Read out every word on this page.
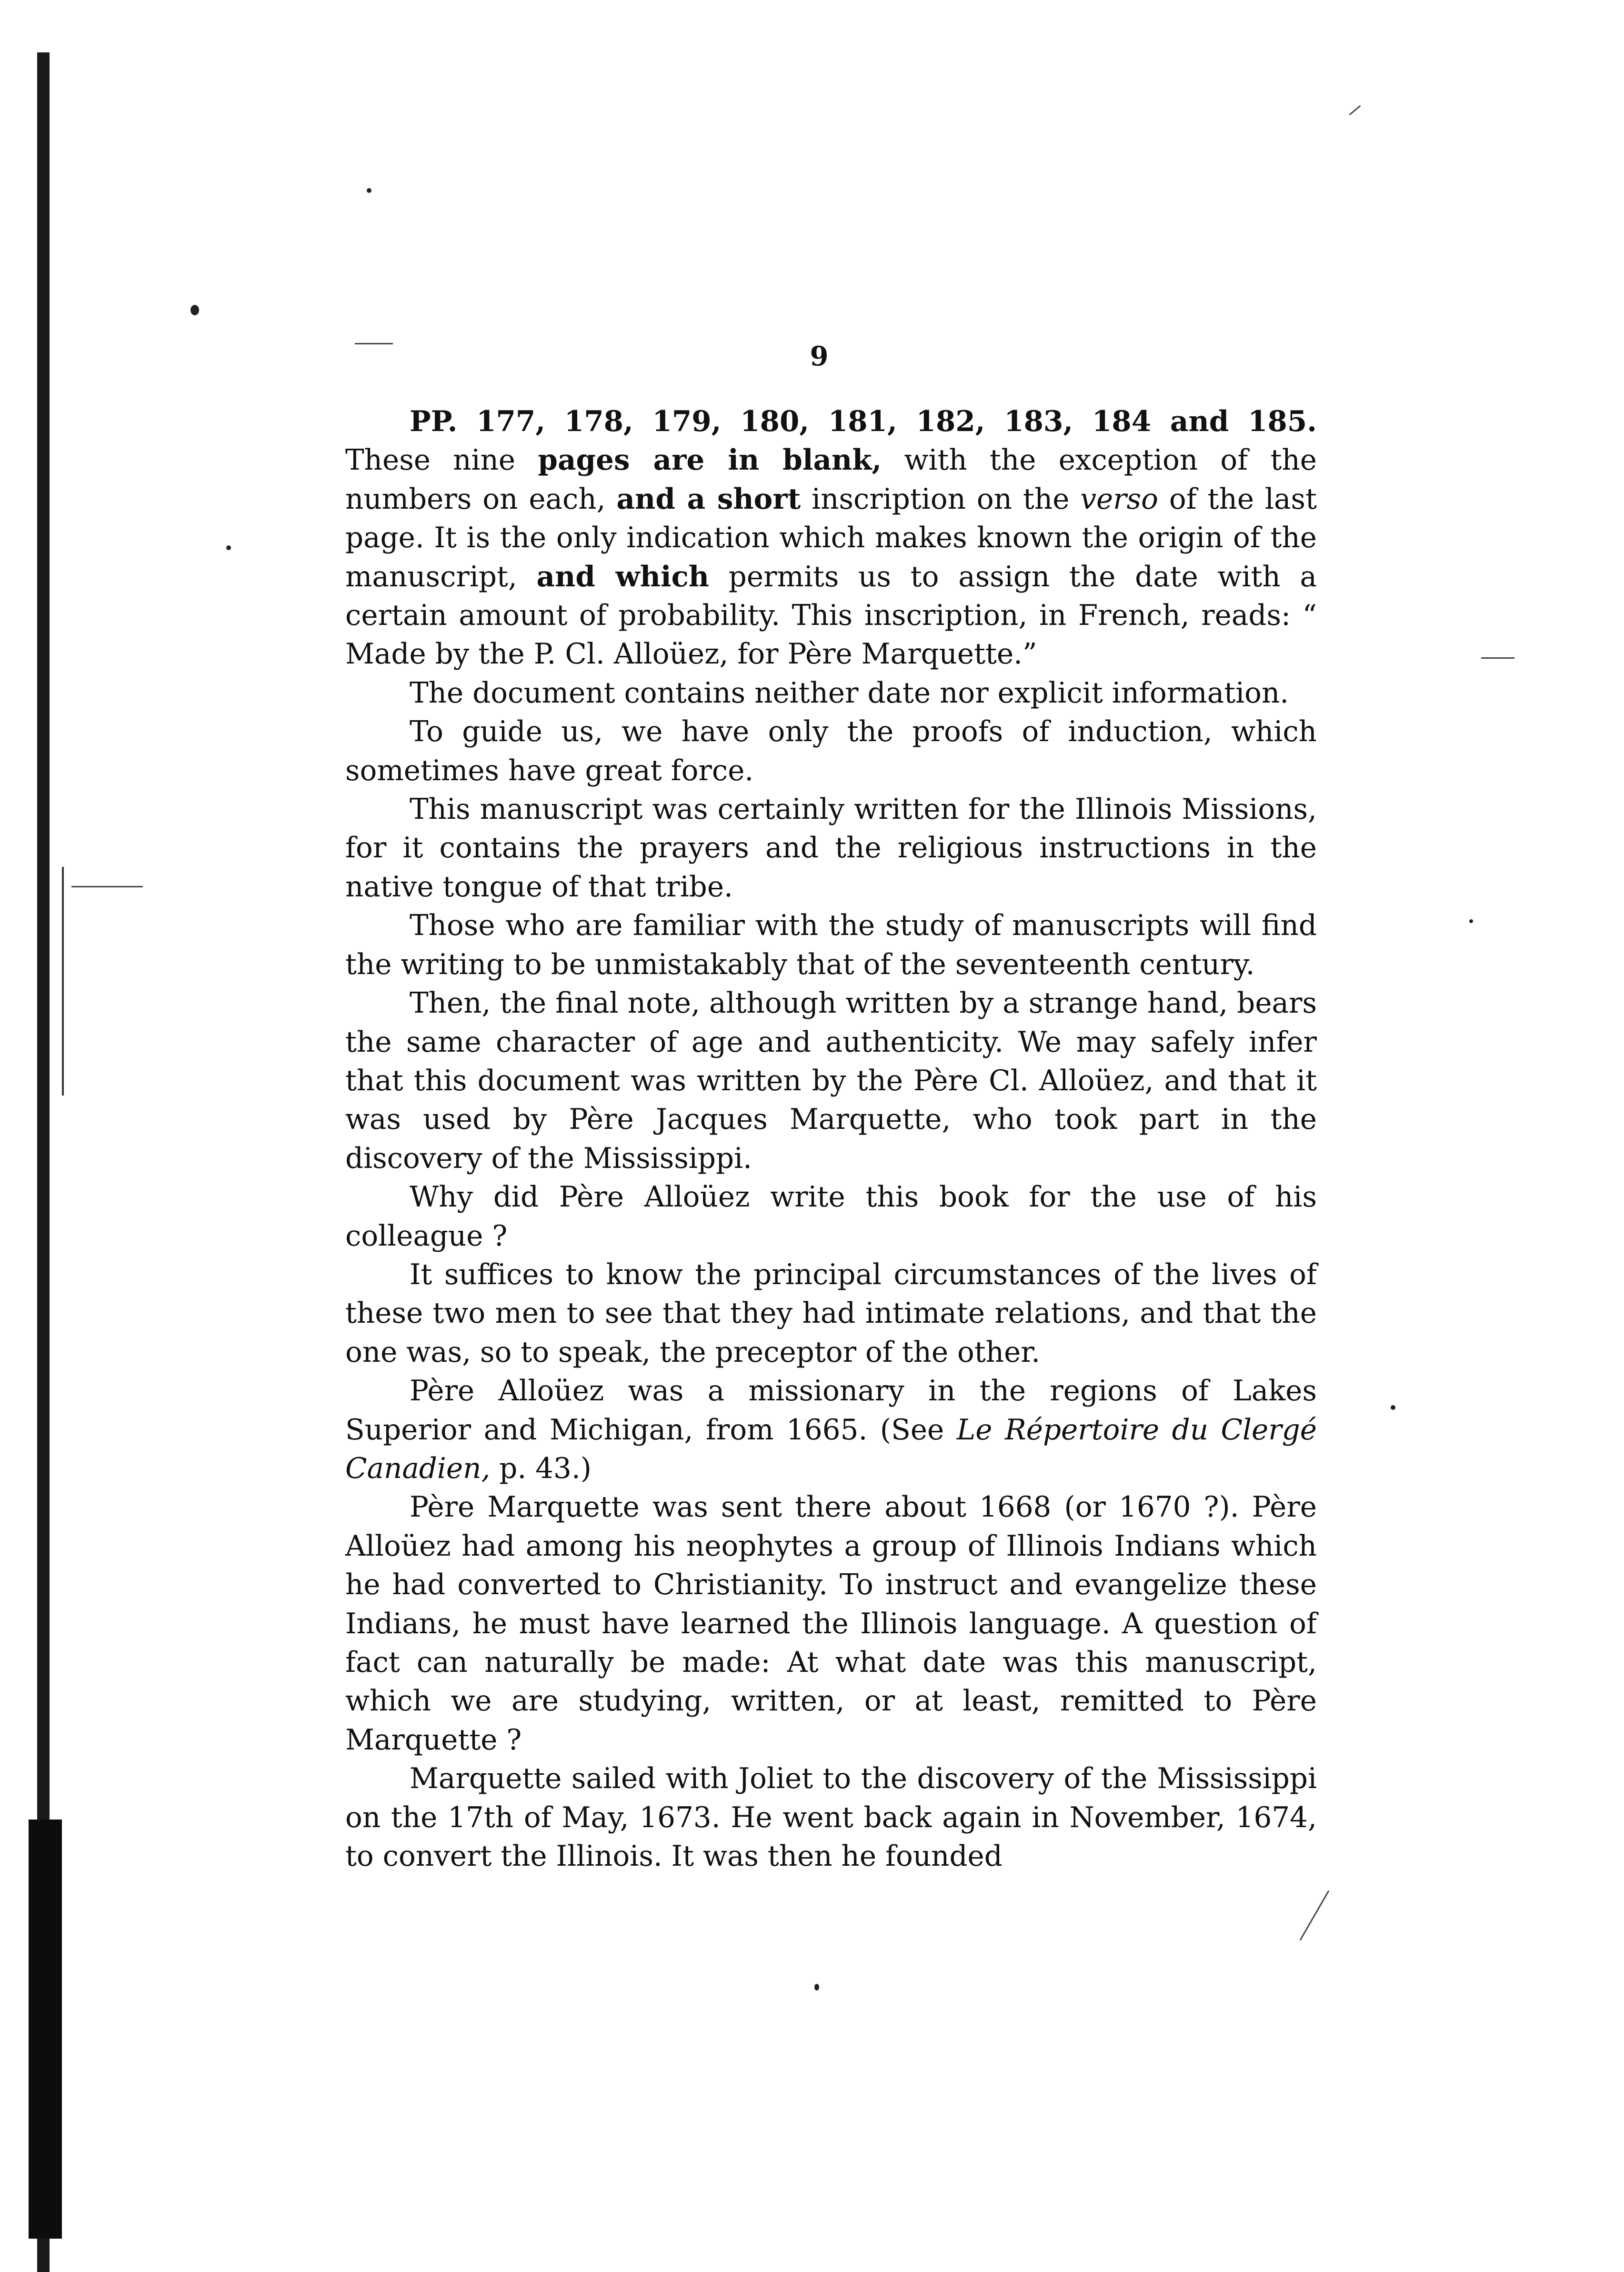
9

PP. 177, 178, 179, 180, 181, 182, 183, 184 and 185. These nine pages are in blank, with the exception of the numbers on each, and a short inscription on the verso of the last page. It is the only indication which makes known the origin of the manuscript, and which permits us to assign the date with a certain amount of probability. This inscription, in French, reads: “ Made by the P. Cl. Alloüez, for Père Marquette.”

The document contains neither date nor explicit information.

To guide us, we have only the proofs of induction, which sometimes have great force.

This manuscript was certainly written for the Illinois Missions, for it contains the prayers and the religious instructions in the native tongue of that tribe.

Those who are familiar with the study of manuscripts will find the writing to be unmistakably that of the seventeenth century.

Then, the final note, although written by a strange hand, bears the same character of age and authenticity. We may safely infer that this document was written by the Père Cl. Alloüez, and that it was used by Père Jacques Marquette, who took part in the discovery of the Mississippi.

Why did Père Alloüez write this book for the use of his colleague ?

It suffices to know the principal circumstances of the lives of these two men to see that they had intimate relations, and that the one was, so to speak, the preceptor of the other.

Père Alloüez was a missionary in the regions of Lakes Superior and Michigan, from 1665. (See Le Répertoire du Clergé Canadien, p. 43.)

Père Marquette was sent there about 1668 (or 1670 ?). Père Alloüez had among his neophytes a group of Illinois Indians which he had converted to Christianity. To instruct and evangelize these Indians, he must have learned the Illinois language. A question of fact can naturally be made: At what date was this manuscript, which we are studying, written, or at least, remitted to Père Marquette ?

Marquette sailed with Joliet to the discovery of the Mississippi on the 17th of May, 1673. He went back again in November, 1674, to convert the Illinois. It was then he founded
